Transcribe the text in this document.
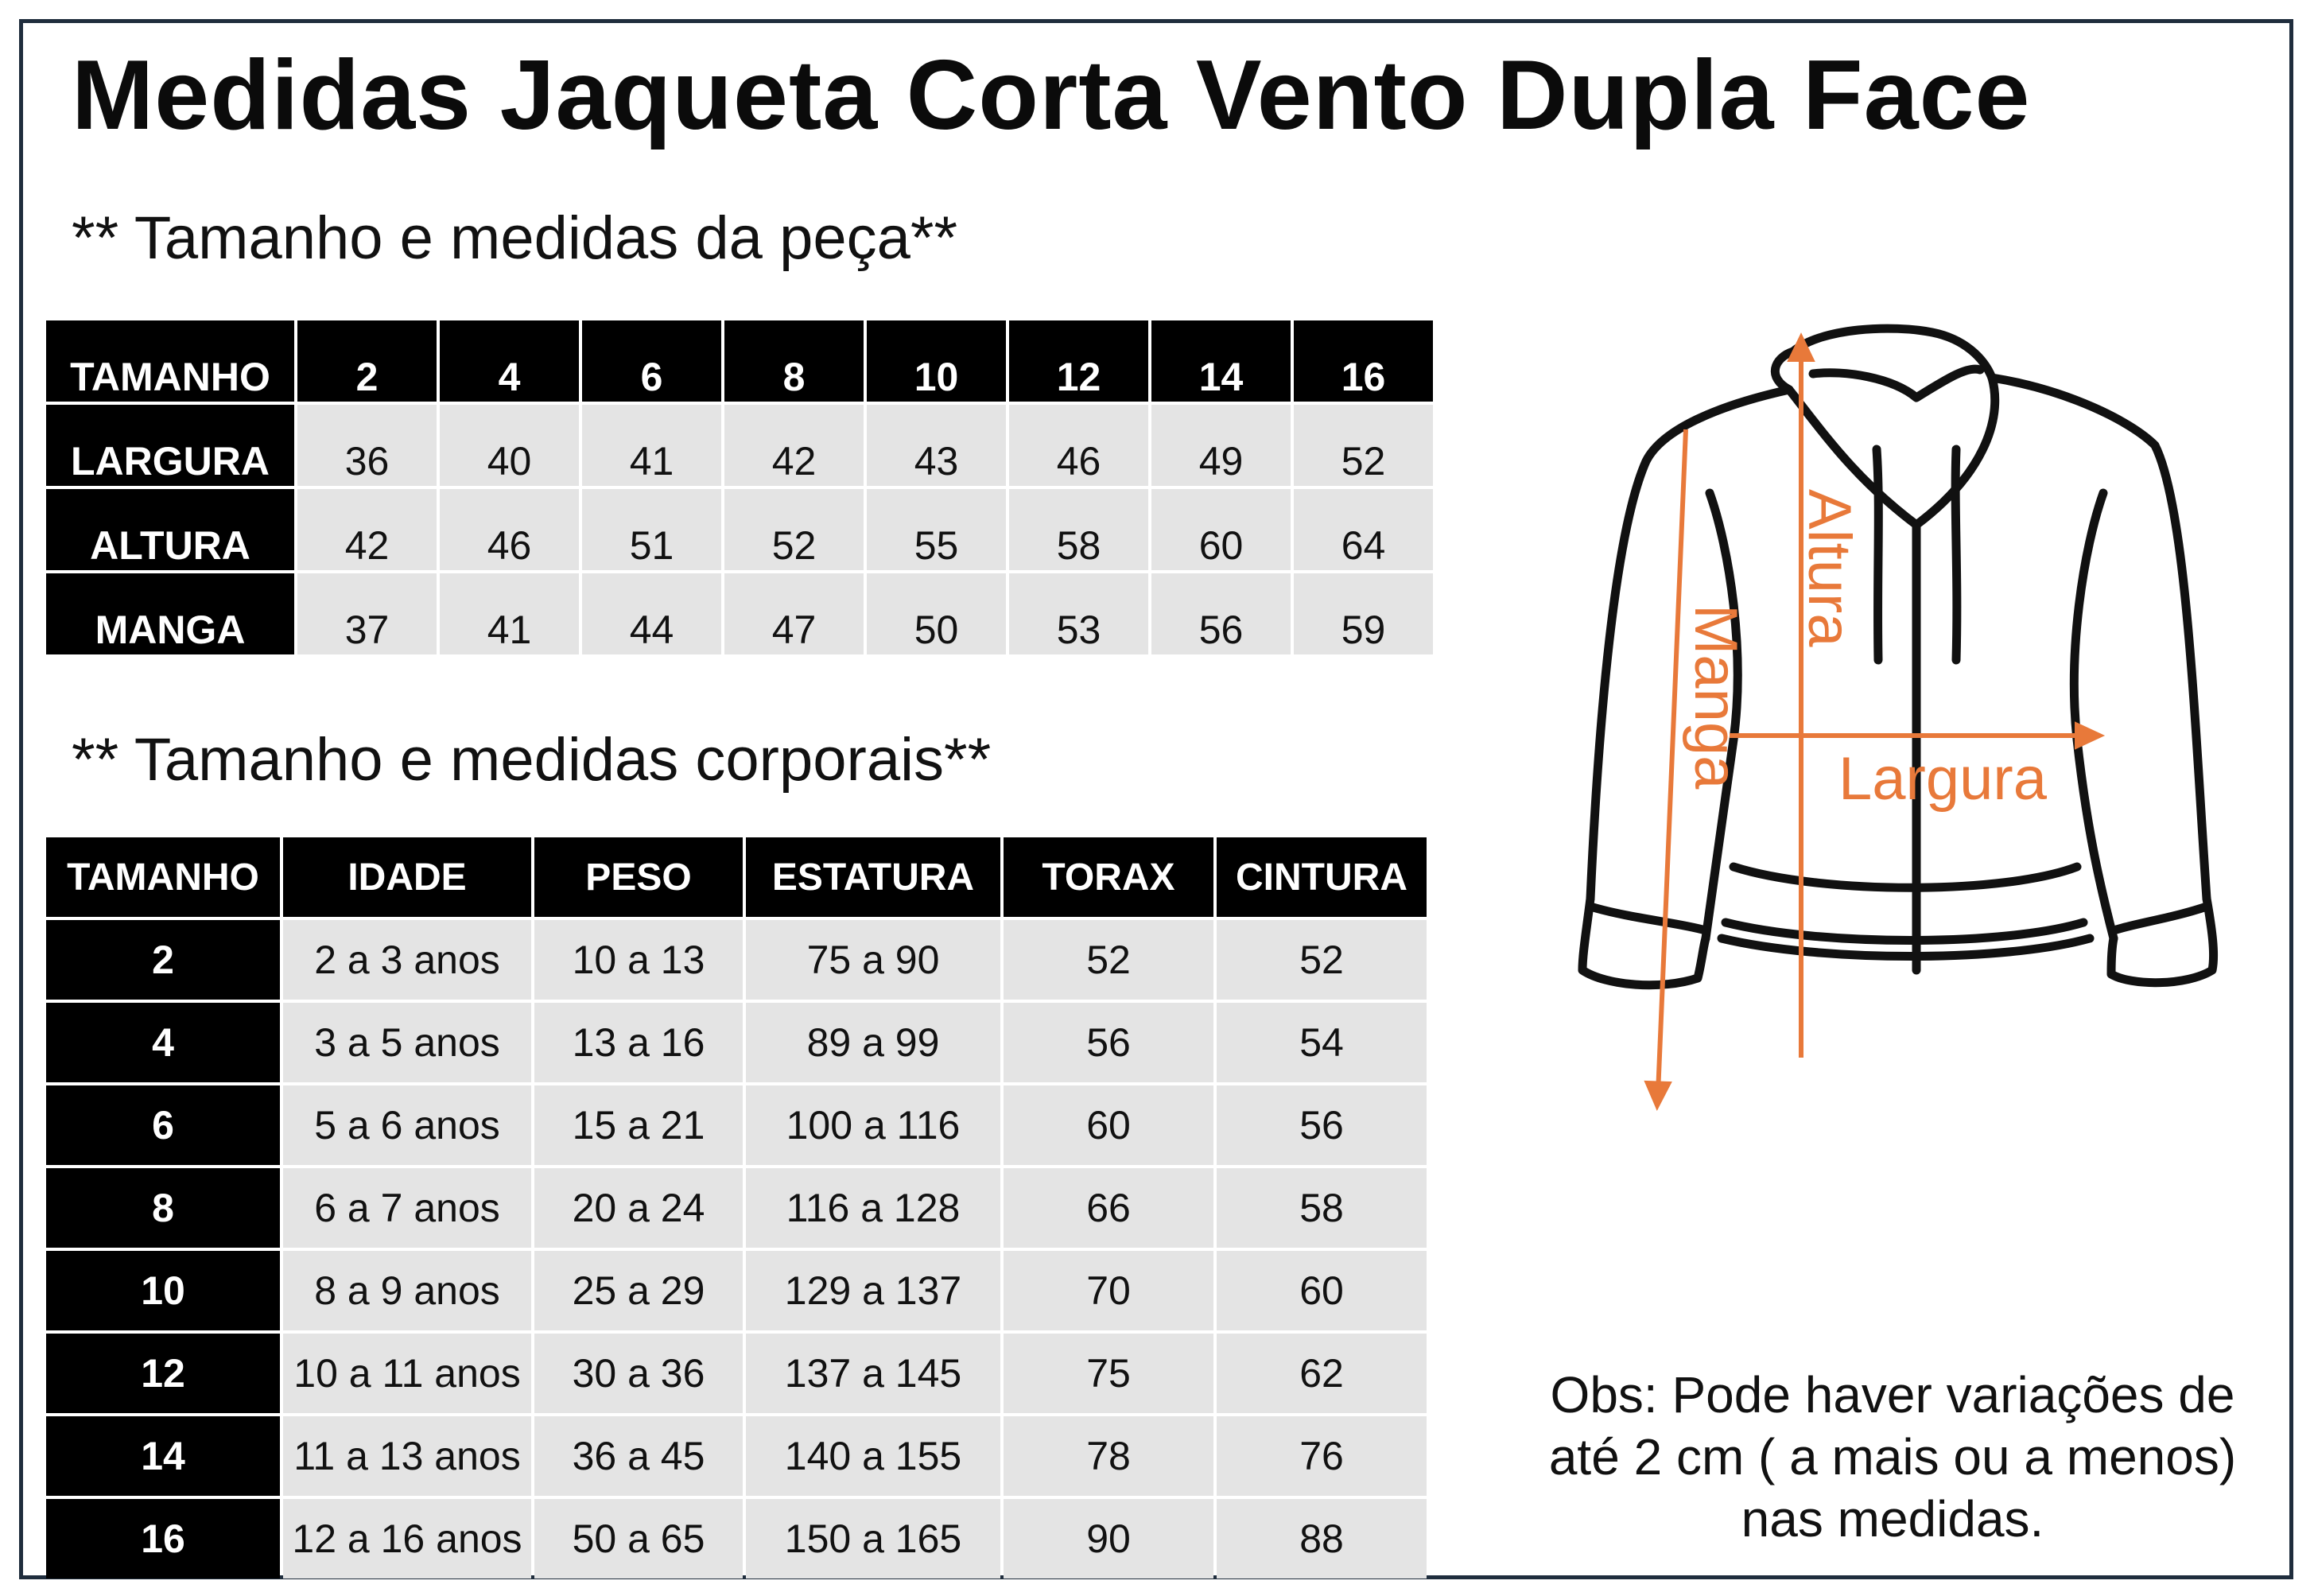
Medidas Jaqueta Corta Vento Dupla Face
** Tamanho e medidas da peça**
TAMANHO	2	4	6	8	10	12	14	16
LARGURA	36	40	41	42	43	46	49	52
ALTURA	42	46	51	52	55	58	60	64
MANGA	37	41	44	47	50	53	56	59
** Tamanho e medidas corporais**
TAMANHO	IDADE	PESO	ESTATURA	TORAX	CINTURA
2	2 a 3 anos	10 a 13	75 a 90	52	52
4	3 a 5 anos	13 a 16	89 a 99	56	54
6	5 a 6 anos	15 a 21	100 a 116	60	56
8	6 a 7 anos	20 a 24	116 a 128	66	58
10	8 a 9 anos	25 a 29	129 a 137	70	60
12	10 a 11 anos	30 a 36	137 a 145	75	62
14	11 a 13 anos	36 a 45	140 a 155	78	76
16	12 a 16 anos	50 a 65	150 a 165	90	88
Altura
Manga Largura
Obs: Pode haver variações de
até 2 cm ( a mais ou a menos)
nas medidas.
